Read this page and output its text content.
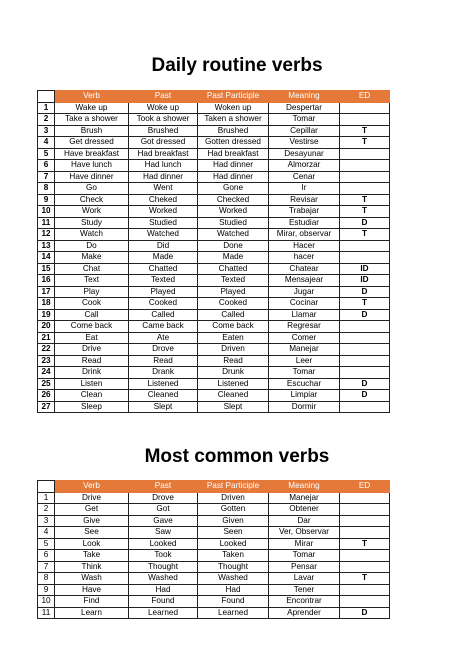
Daily routine verbs
	Verb	Past	Past Participle	Meaning	ED
1	Wake up	Woke up	Woken up	Despertar	
2	Take a shower	Took a shower	Taken a shower	Tomar	
3	Brush	Brushed	Brushed	Cepillar	T
4	Get dressed	Got dressed	Gotten dressed	Vestirse	T
5	Have breakfast	Had breakfast	Had breakfast	Desayunar	
6	Have lunch	Had lunch	Had dinner	Almorzar	
7	Have dinner	Had dinner	Had dinner	Cenar	
8	Go	Went	Gone	Ir	
9	Check	Cheked	Checked	Revisar	T
10	Work	Worked	Worked	Trabajar	T
11	Study	Studied	Studied	Estudiar	D
12	Watch	Watched	Watched	Mirar, observar	T
13	Do	Did	Done	Hacer	
14	Make	Made	Made	hacer	
15	Chat	Chatted	Chatted	Chatear	ID
16	Text	Texted	Texted	Mensajear	ID
17	Play	Played	Played	Jugar	D
18	Cook	Cooked	Cooked	Cocinar	T
19	Call	Called	Called	Llamar	D
20	Come back	Came back	Come back	Regresar	
21	Eat	Ate	Eaten	Comer	
22	Drive	Drove	Driven	Manejar	
23	Read	Read	Read	Leer	
24	Drink	Drank	Drunk	Tomar	
25	Listen	Listened	Listened	Escuchar	D
26	Clean	Cleaned	Cleaned	Limpiar	D
27	Sleep	Slept	Slept	Dormir	
Most common verbs
	Verb	Past	Past Participle	Meaning	ED
1	Drive	Drove	Driven	Manejar	
2	Get	Got	Gotten	Obtener	
3	Give	Gave	Given	Dar	
4	See	Saw	Seen	Ver, Observar	
5	Look	Looked	Looked	Mirar	T
6	Take	Took	Taken	Tomar	
7	Think	Thought	Thought	Pensar	
8	Wash	Washed	Washed	Lavar	T
9	Have	Had	Had	Tener	
10	Find	Found	Found	Encontrar	
11	Learn	Learned	Learned	Aprender	D
